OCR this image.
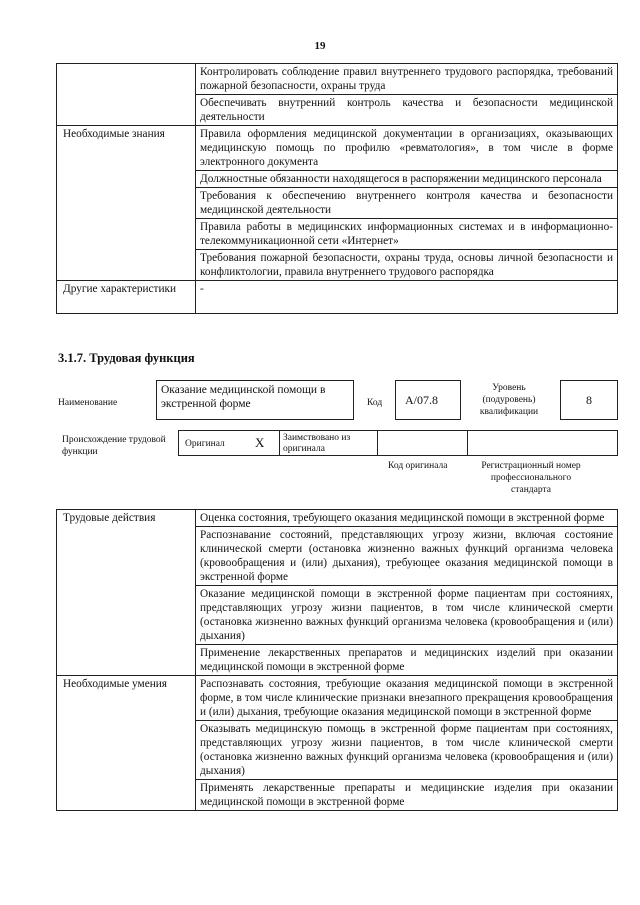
19
	Контролировать соблюдение правил внутреннего трудового распорядка, требований пожарной безопасности, охраны труда
	Обеспечивать внутренний контроль качества и безопасности медицинской деятельности
Необходимые знания	Правила оформления медицинской документации в организациях, оказывающих медицинскую помощь по профилю «ревматология», в том числе в форме электронного документа
	Должностные обязанности находящегося в распоряжении медицинского персонала
	Требования к обеспечению внутреннего контроля качества и безопасности медицинской деятельности
	Правила работы в медицинских информационных системах и в информационно-телекоммуникационной сети «Интернет»
	Требования пожарной безопасности, охраны труда, основы личной безопасности и конфликтологии, правила внутреннего трудового распорядка
Другие характеристики	-
3.1.7. Трудовая функция
Наименование
Оказание медицинской помощи в экстренной форме	Код	A/07.8
Уровень (подуровень) квалификации
8
Происхождение трудовой функции
Оригинал X Заимствовано из оригинала
Код оригинала	Регистрационный номер профессионального стандарта
Трудовые действия	Оценка состояния, требующего оказания медицинской помощи в экстренной форме
	Распознавание состояний, представляющих угрозу жизни, включая состояние клинической смерти (остановка жизненно важных функций организма человека (кровообращения и (или) дыхания), требующее оказания медицинской помощи в экстренной форме
	Оказание медицинской помощи в экстренной форме пациентам при состояниях, представляющих угрозу жизни пациентов, в том числе клинической смерти (остановка жизненно важных функций организма человека (кровообращения и (или) дыхания)
	Применение лекарственных препаратов и медицинских изделий при оказании медицинской помощи в экстренной форме
Необходимые умения	Распознавать состояния, требующие оказания медицинской помощи в экстренной форме, в том числе клинические признаки внезапного прекращения кровообращения и (или) дыхания, требующие оказания медицинской помощи в экстренной форме
	Оказывать медицинскую помощь в экстренной форме пациентам при состояниях, представляющих угрозу жизни пациентов, в том числе клинической смерти (остановка жизненно важных функций организма человека (кровообращения и (или) дыхания)
	Применять лекарственные препараты и медицинские изделия при оказании медицинской помощи в экстренной форме
